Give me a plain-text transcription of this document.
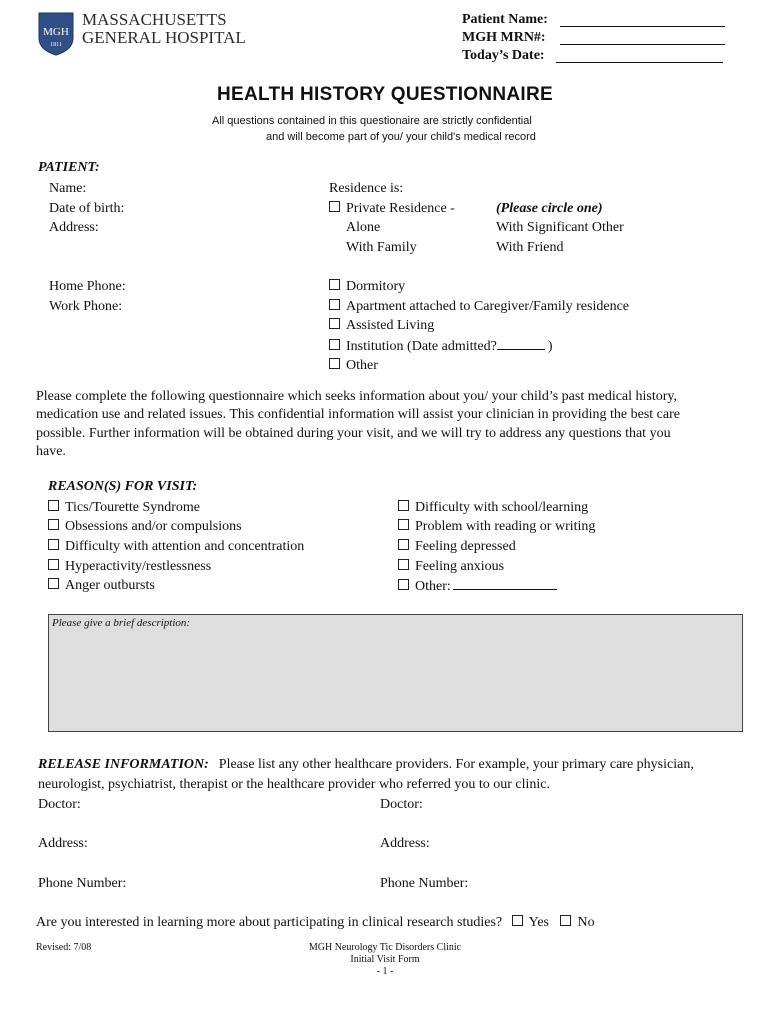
MGH
1811
MASSACHUSETTS
GENERAL HOSPITAL
Patient Name:
MGH MRN#:
Today’s Date:
HEALTH HISTORY QUESTIONNAIRE
All questions contained in this questionaire are strictly confidential
and will become part of you/ your child's medical record
PATIENT:
Name:
Date of birth:
Address:
Home Phone:
Work Phone:
Residence is:
Private Residence -	(Please circle one)
Alone	With Significant Other
With Family	With Friend
Dormitory
Apartment attached to Caregiver/Family residence
Assisted Living
Institution (Date admitted?	)
Other
Please complete the following questionnaire which seeks information about you/ your child’s past medical history,
medication use and related issues. This confidential information will assist your clinician in providing the best care
possible. Further information will be obtained during your visit, and we will try to address any questions that you
have.
REASON(S) FOR VISIT:
Tics/Tourette Syndrome
Obsessions and/or compulsions
Difficulty with attention and concentration
Hyperactivity/restlessness
Anger outbursts
Difficulty with school/learning
Problem with reading or writing
Feeling depressed
Feeling anxious
Other:
Please give a brief description:
RELEASE INFORMATION: Please list any other healthcare providers. For example, your primary care physician,
neurologist, psychiatrist, therapist or the healthcare provider who referred you to our clinic.
Doctor:	Doctor:
Address:	Address:
Phone Number:	Phone Number:
Are you interested in learning more about participating in clinical research studies? Yes No
Revised: 7/08	MGH Neurology Tic Disorders Clinic
Initial Visit Form
- 1 -
